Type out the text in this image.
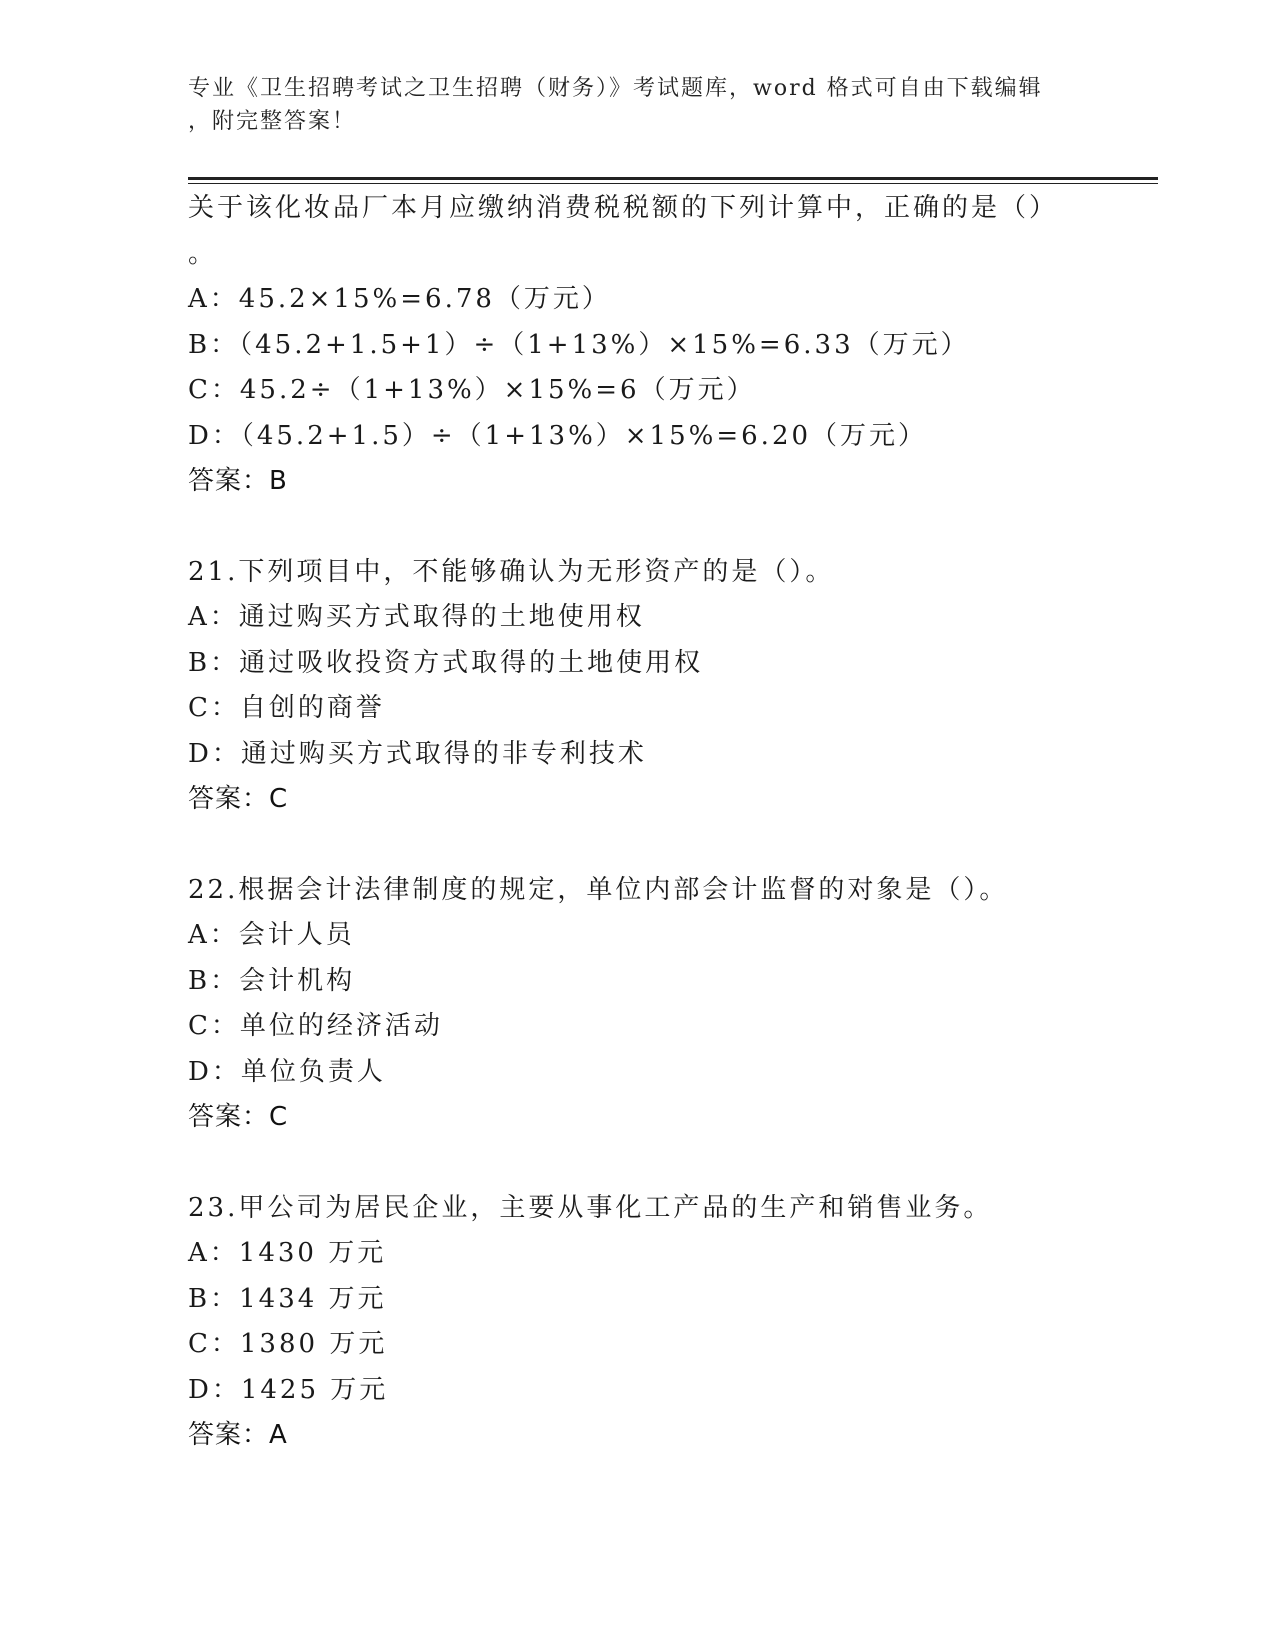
专业《卫生招聘考试之卫生招聘（财务）》考试题库，word 格式可自由下载编辑
，附完整答案！
关于该化妆品厂本月应缴纳消费税税额的下列计算中，正确的是（）
。
A：45.2×15%=6.78（万元）
B：（45.2+1.5+1）÷（1+13%）×15%=6.33（万元）
C：45.2÷（1+13%）×15%=6（万元）
D：（45.2+1.5）÷（1+13%）×15%=6.20（万元）
答案：B
21.下列项目中，不能够确认为无形资产的是（）。
A：通过购买方式取得的土地使用权
B：通过吸收投资方式取得的土地使用权
C：自创的商誉
D：通过购买方式取得的非专利技术
答案：C
22.根据会计法律制度的规定，单位内部会计监督的对象是（）。
A：会计人员
B：会计机构
C：单位的经济活动
D：单位负责人
答案：C
23.甲公司为居民企业，主要从事化工产品的生产和销售业务。
A：1430 万元
B：1434 万元
C：1380 万元
D：1425 万元
答案：A
